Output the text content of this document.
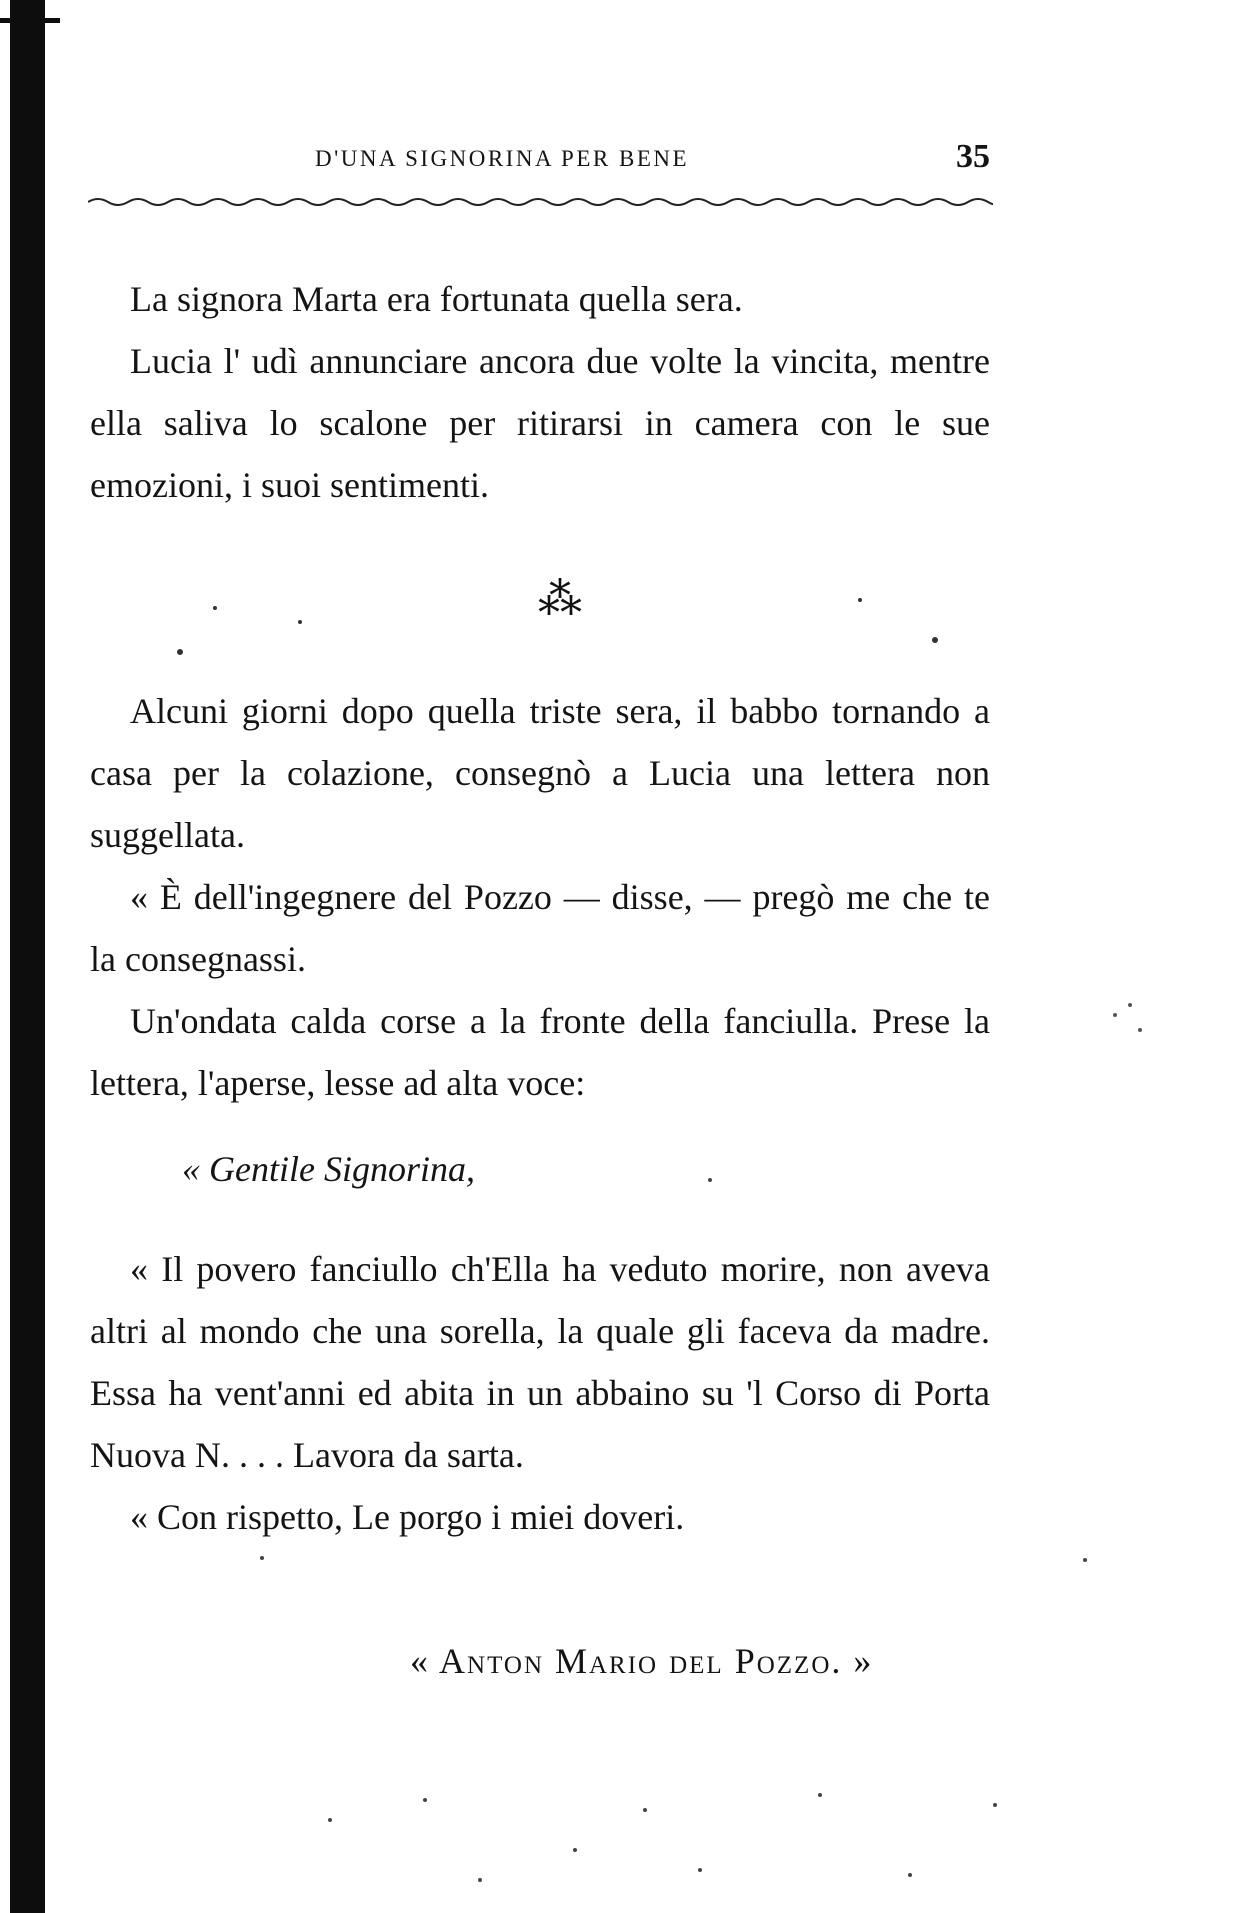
D'UNA SIGNORINA PER BENE	35

La signora Marta era fortunata quella sera.

Lucia l' udì annunciare ancora due volte la vincita, mentre ella saliva lo scalone per ritirarsi in camera con le sue emozioni, i suoi sentimenti.

⁂

Alcuni giorni dopo quella triste sera, il babbo tornando a casa per la colazione, consegnò a Lucia una lettera non suggellata.

« È dell'ingegnere del Pozzo — disse, — pregò me che te la consegnassi.

Un'ondata calda corse a la fronte della fanciulla. Prese la lettera, l'aperse, lesse ad alta voce:

« Gentile Signorina,

« Il povero fanciullo ch'Ella ha veduto morire, non aveva altri al mondo che una sorella, la quale gli faceva da madre. Essa ha vent'anni ed abita in un abbaino su 'l Corso di Porta Nuova N. . . . Lavora da sarta.

« Con rispetto, Le porgo i miei doveri.

« Anton Mario del Pozzo. »
